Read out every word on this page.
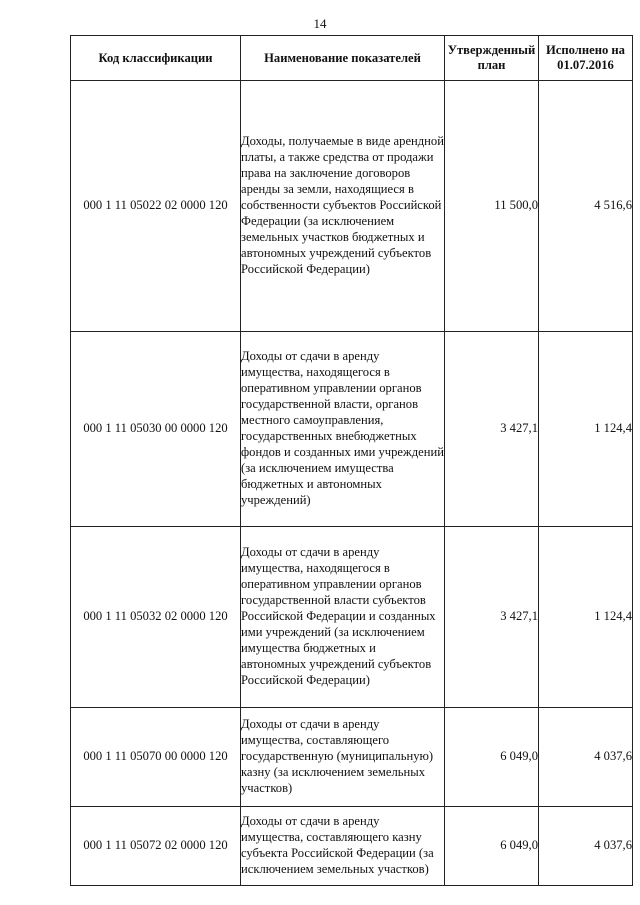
14
Код классификации	Наименование показателей	Утвержденный план	Исполнено на 01.07.2016
000 1 11 05022 02 0000 120	Доходы, получаемые в виде арендной платы, а также средства от продажи права на заключение договоров аренды за земли, находящиеся в собственности субъектов Российской Федерации (за исключением земельных участков бюджетных и автономных учреждений субъектов Российской Федерации)	11 500,0	4 516,6
000 1 11 05030 00 0000 120	Доходы от сдачи в аренду имущества, находящегося в оперативном управлении органов государственной власти, органов местного самоуправления, государственных внебюджетных фондов и созданных ими учреждений (за исключением имущества бюджетных и автономных учреждений)	3 427,1	1 124,4
000 1 11 05032 02 0000 120	Доходы от сдачи в аренду имущества, находящегося в оперативном управлении органов государственной власти субъектов Российской Федерации и созданных ими учреждений (за исключением имущества бюджетных и автономных учреждений субъектов Российской Федерации)	3 427,1	1 124,4
000 1 11 05070 00 0000 120	Доходы от сдачи в аренду имущества, составляющего государственную (муниципальную) казну (за исключением земельных участков)	6 049,0	4 037,6
000 1 11 05072 02 0000 120	Доходы от сдачи в аренду имущества, составляющего казну субъекта Российской Федерации (за исключением земельных участков)	6 049,0	4 037,6
